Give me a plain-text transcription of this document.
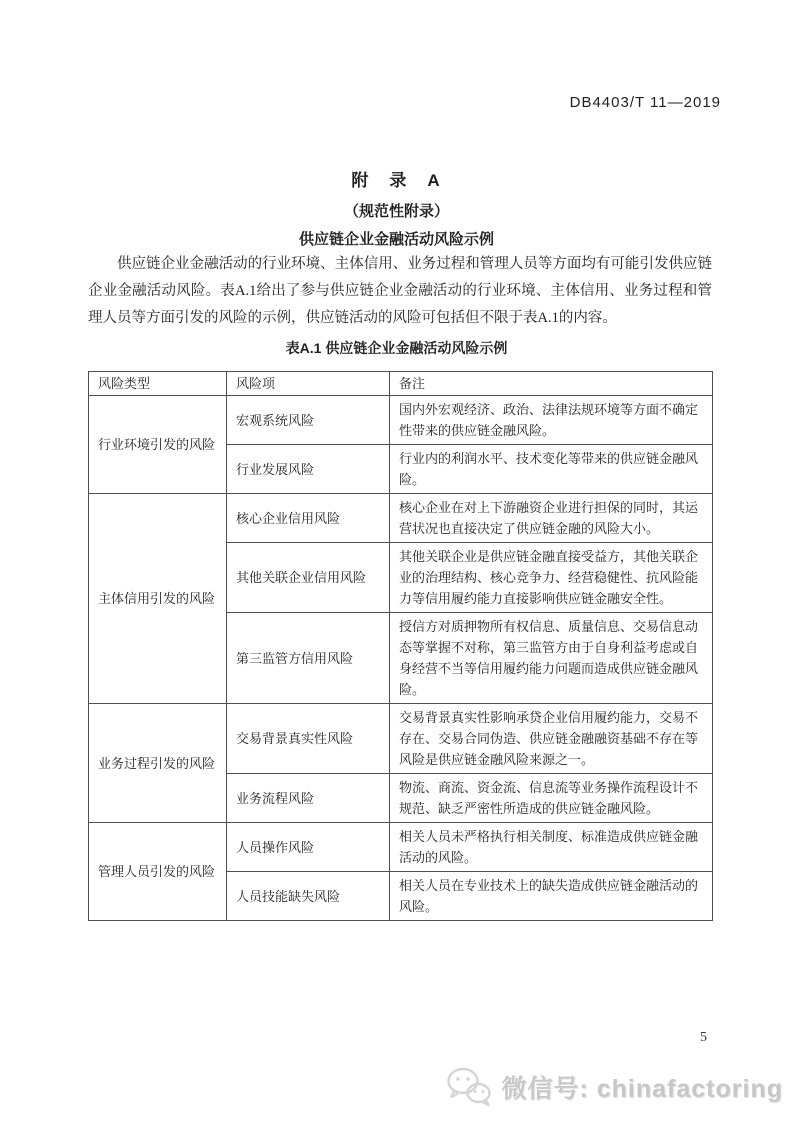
DB4403/T 11—2019
附　录　A
（规范性附录）
供应链企业金融活动风险示例

供应链企业金融活动的行业环境、主体信用、业务过程和管理人员等方面均有可能引发供应链企业金融活动风险。表A.1给出了参与供应链企业金融活动的行业环境、主体信用、业务过程和管理人员等方面引发的风险的示例，供应链活动的风险可包括但不限于表A.1的内容。

表A.1 供应链企业金融活动风险示例
风险类型	风险项	备注
行业环境引发的风险	宏观系统风险	国内外宏观经济、政治、法律法规环境等方面不确定性带来的供应链金融风险。
	行业发展风险	行业内的利润水平、技术变化等带来的供应链金融风险。
主体信用引发的风险	核心企业信用风险	核心企业在对上下游融资企业进行担保的同时，其运营状况也直接决定了供应链金融的风险大小。
	其他关联企业信用风险	其他关联企业是供应链金融直接受益方，其他关联企业的治理结构、核心竞争力、经营稳健性、抗风险能力等信用履约能力直接影响供应链金融安全性。
	第三监管方信用风险	授信方对质押物所有权信息、质量信息、交易信息动态等掌握不对称，第三监管方由于自身利益考虑或自身经营不当等信用履约能力问题而造成供应链金融风险。
业务过程引发的风险	交易背景真实性风险	交易背景真实性影响承贷企业信用履约能力，交易不存在、交易合同伪造、供应链金融融资基础不存在等风险是供应链金融风险来源之一。
	业务流程风险	物流、商流、资金流、信息流等业务操作流程设计不规范、缺乏严密性所造成的供应链金融风险。
管理人员引发的风险	人员操作风险	相关人员未严格执行相关制度、标准造成供应链金融活动的风险。
	人员技能缺失风险	相关人员在专业技术上的缺失造成供应链金融活动的风险。
5
微信号: chinafactoring
